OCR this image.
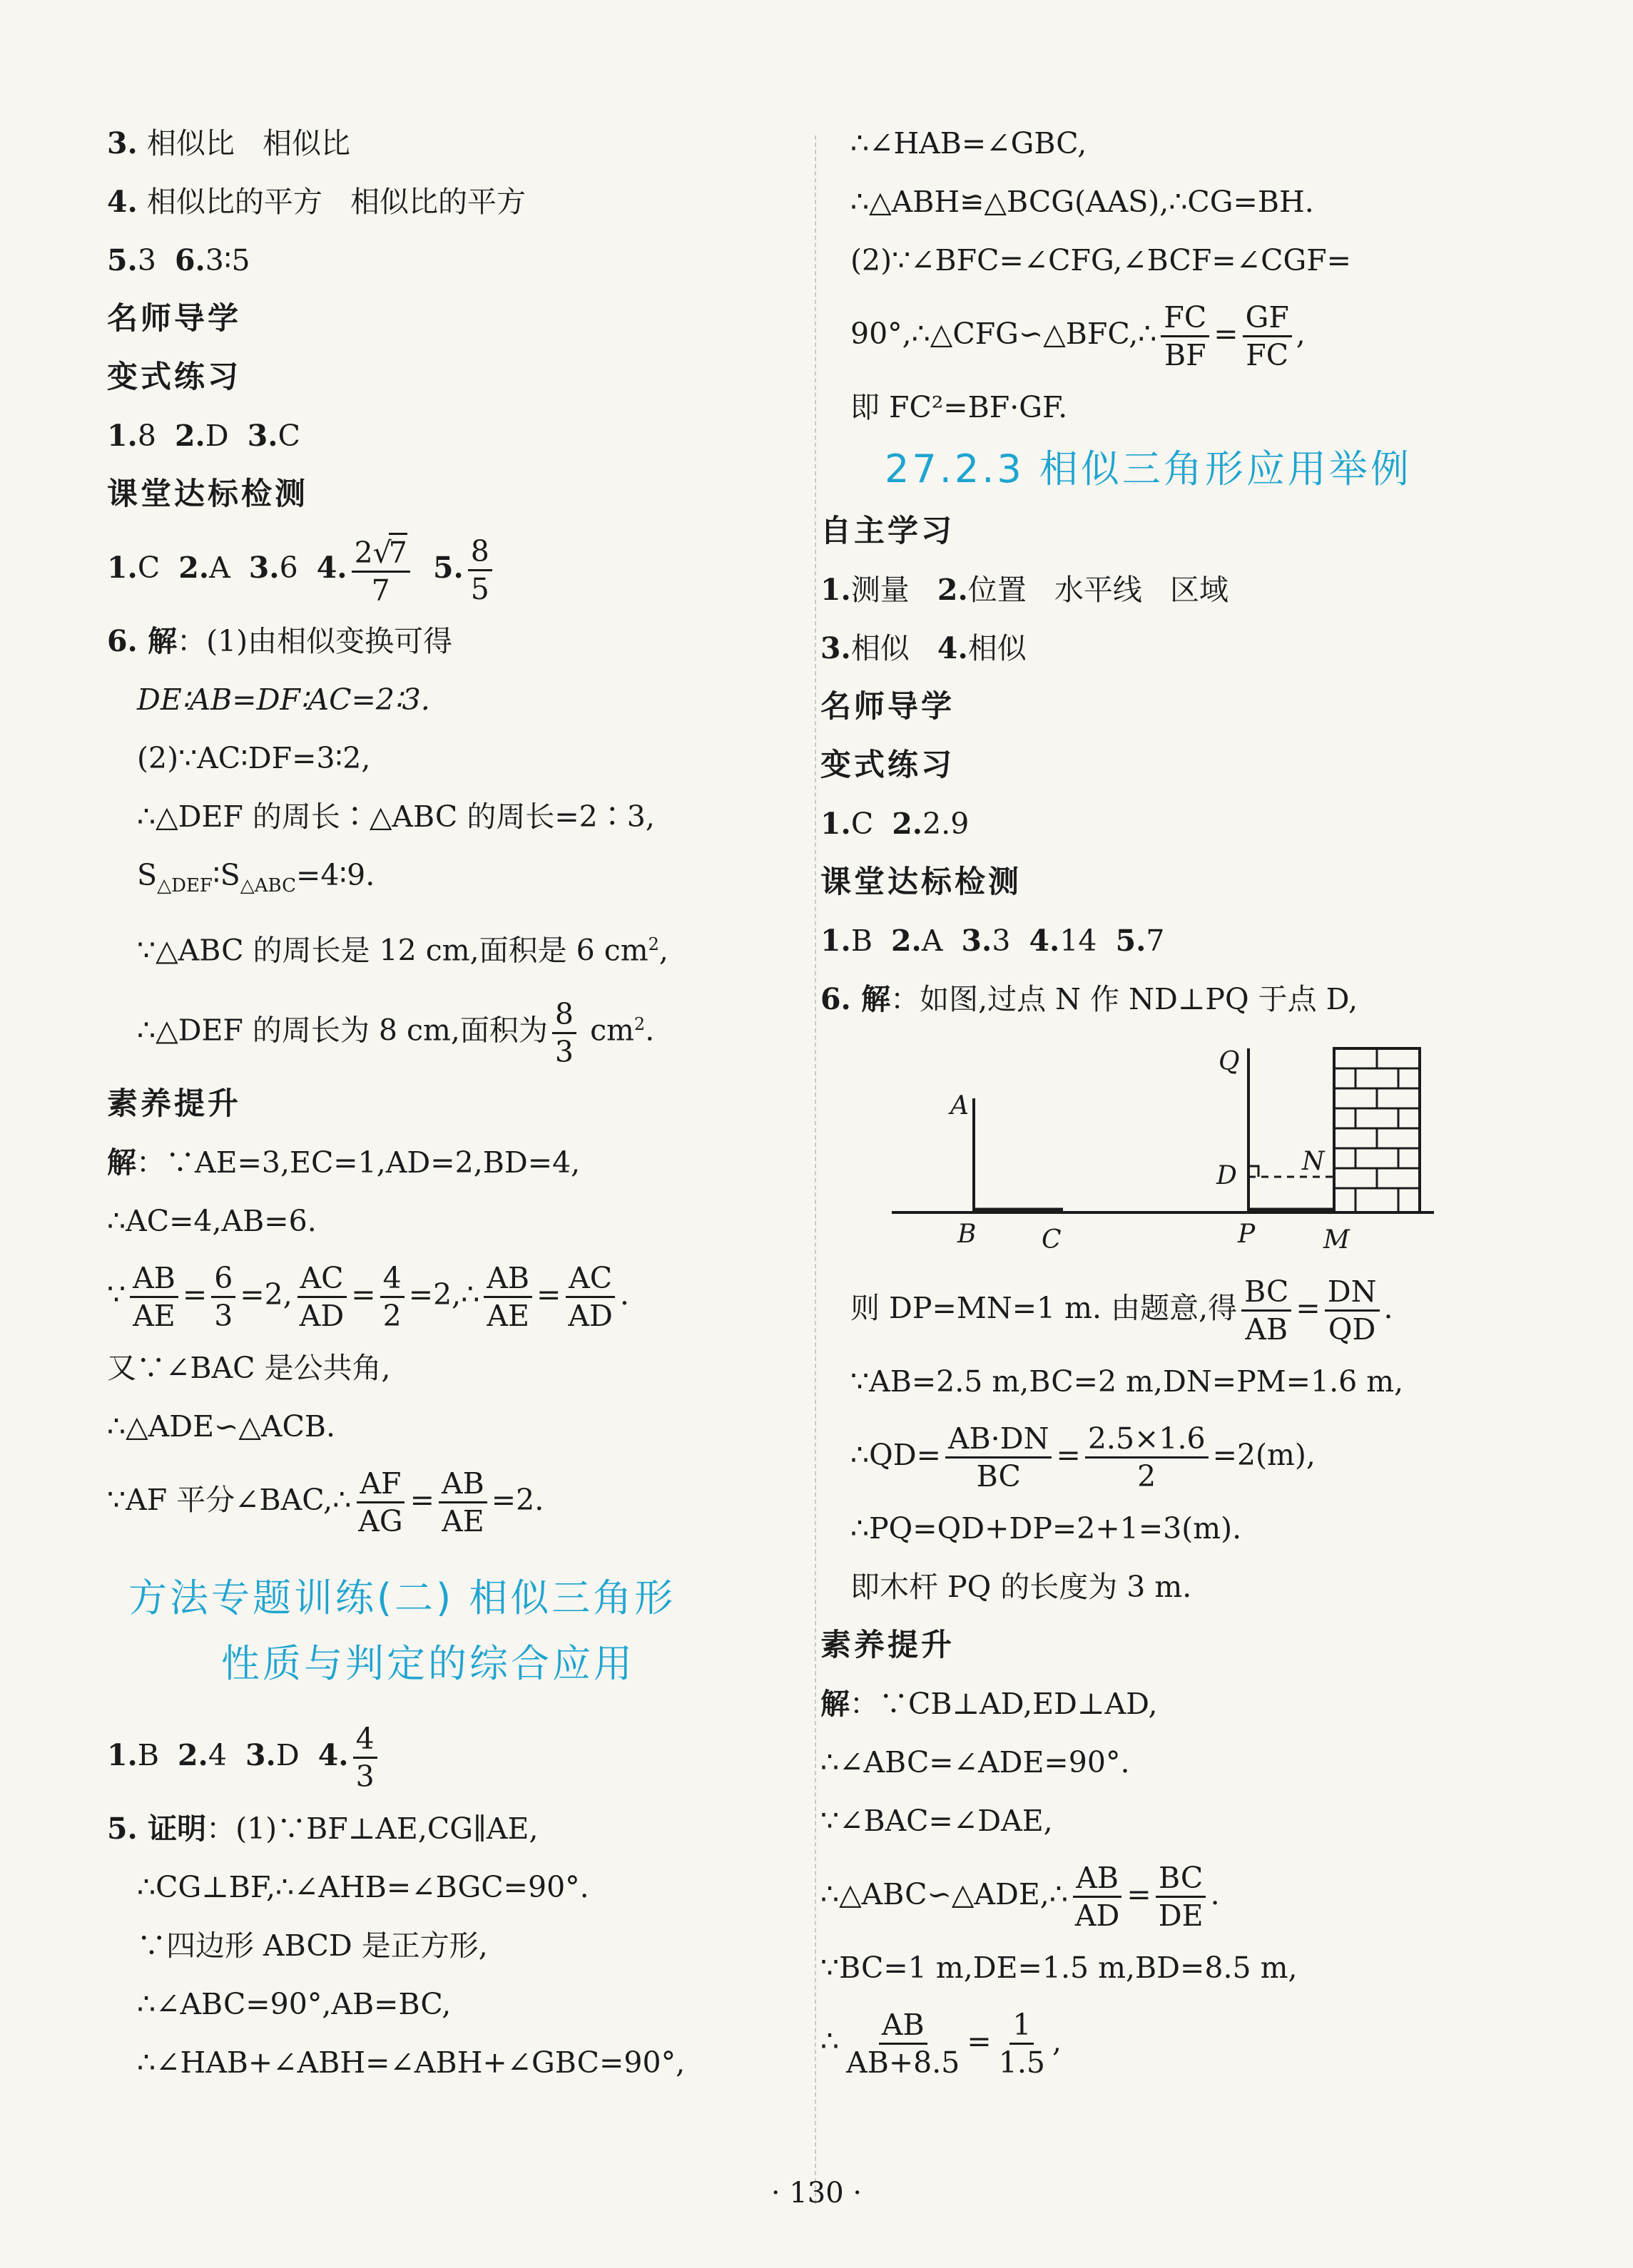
3. 相似比 相似比
4. 相似比的平方 相似比的平方
5.3 6.3∶5
名师导学
变式练习
1.8 2.D 3.C
课堂达标检测
1.C 2.A 3.6 4. $\frac{2√7}{7} 5$. $\frac{8}{5}$
6. 解：(1)由相似变换可得
DE∶AB=DF∶AC=2∶3.
(2)∵AC∶DF=3∶2,
∴△DEF 的周长∶△ABC 的周长=2∶3,
$S_{\triangle DEF}∶S_{\triangle ABC}=4∶9$.
∵△ABC 的周长是 12 cm,面积是 6 $cm^2$,
∴△DEF 的周长为 8 cm,面积为 $\frac{8}{3} cm^2$.
素养提升
解：∵AE=3,EC=1,AD=2,BD=4,
∴AC=4,AB=6.
∵ $\frac{AB}{AE} = \frac{6}{3} =2$, $\frac{AC}{AD} = \frac{4}{2}$ =2,∴ $\frac{AB}{AE} = \frac{AC}{AD}$ .
又∵∠BAC 是公共角,
∴△ADE∽△ACB.
∵AF 平分∠BAC,∴ $\frac{AF}{AG} = \frac{AB}{AE} =2$.
方法专题训练(二) 相似三角形
性质与判定的综合应用
1.B 2.4 3.D 4. $\frac{4}{3}$
5. 证明：(1)∵BF⊥AE,CG∥AE,
∴CG⊥BF,∴∠AHB=∠BGC=90°.
∵四边形 ABCD 是正方形,
∴∠ABC=90°,AB=BC,
∴∠HAB+∠ABH=∠ABH+∠GBC=90°,
∴∠HAB=∠GBC,
∴△ABH≌△BCG(AAS),∴CG=BH.
(2)∵∠BFC=∠CFG,∠BCF=∠CGF=
90°,∴△CFG∽△BFC,∴ $\frac{FC}{BF} = \frac{GF}{FC}$ ,
即 FC²=BF·GF.
27.2.3 相似三角形应用举例
自主学习
1.测量 2.位置 水平线 区域
3.相似 4.相似
名师导学
变式练习
1.C 2.2.9
课堂达标检测
1.B 2.A 3.3 4.14 5.7
6. 解：如图,过点 N 作 ND⊥PQ 于点 D,
Q
A
N
D
B	C	P	M
则 DP=MN=1 m. 由题意,得 $\frac{BC}{AB} = \frac{DN}{QD}$ .
∵AB=2.5 m,BC=2 m,DN=PM=1.6 m,
∴QD= $\frac{AB\cdot DN}{BC} = \frac{2.5\times 1.6}{2} =2(m)$,
∴PQ=QD+DP=2+1=3(m).
即木杆 PQ 的长度为 3 m.
素养提升
解：∵CB⊥AD,ED⊥AD,
∴∠ABC=∠ADE=90°.
∵∠BAC=∠DAE,
∴△ABC∽△ADE,∴ $\frac{AB}{AD} = \frac{BC}{DE}$ .
∵BC=1 m,DE=1.5 m,BD=8.5 m,
∴ $\frac{AB}{AB+8.5} = \frac{1}{1.5}$ ,
· 130 ·
